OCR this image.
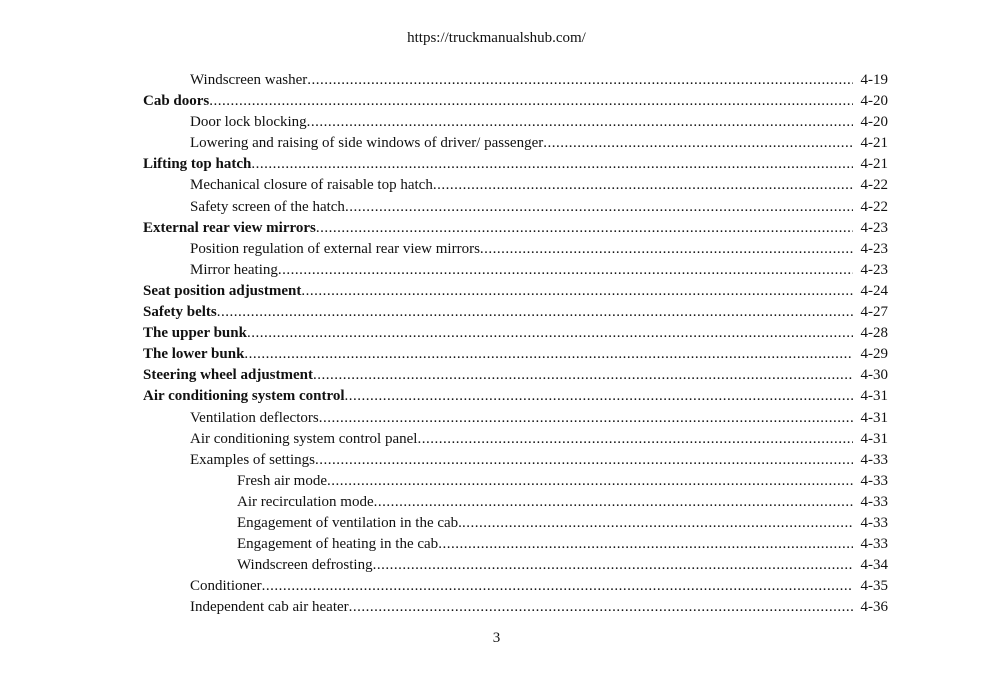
https://truckmanualshub.com/
Windscreen washer .....	4-19
Cab doors .....	4-20
Door lock blocking .....	4-20
Lowering and raising of side windows of driver/ passenger .....	4-21
Lifting top hatch .....	4-21
Mechanical closure of raisable top hatch .....	4-22
Safety screen of the hatch .....	4-22
External rear view mirrors .....	4-23
Position regulation of external rear view mirrors .....	4-23
Mirror heating .....	4-23
Seat position adjustment .....	4-24
Safety belts .....	4-27
The upper bunk .....	4-28
The lower bunk .....	4-29
Steering wheel adjustment .....	4-30
Air conditioning system control .....	4-31
Ventilation deflectors .....	4-31
Air conditioning system control panel .....	4-31
Examples of settings .....	4-33
Fresh air mode .....	4-33
Air recirculation mode .....	4-33
Engagement of ventilation in the cab. .....	4-33
Engagement of heating in the cab .....	4-33
Windscreen defrosting .....	4-34
Conditioner .....	4-35
Independent cab air heater .....	4-36
3
